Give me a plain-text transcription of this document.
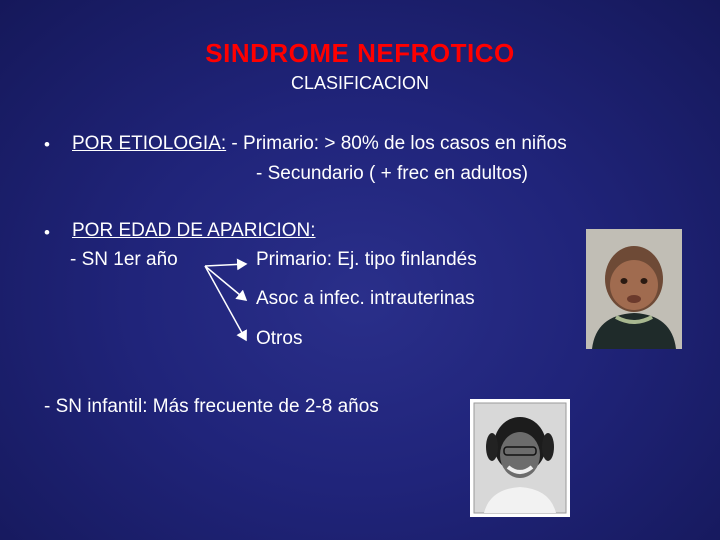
SINDROME NEFROTICO
CLASIFICACION
• POR ETIOLOGIA: - Primario: > 80% de los casos en niños
- Secundario ( + frec en adultos)
• POR EDAD DE APARICION:
- SN 1er año	Primario: Ej. tipo finlandés
Asoc a infec. intrauterinas
Otros
- SN infantil: Más frecuente de 2-8 años
